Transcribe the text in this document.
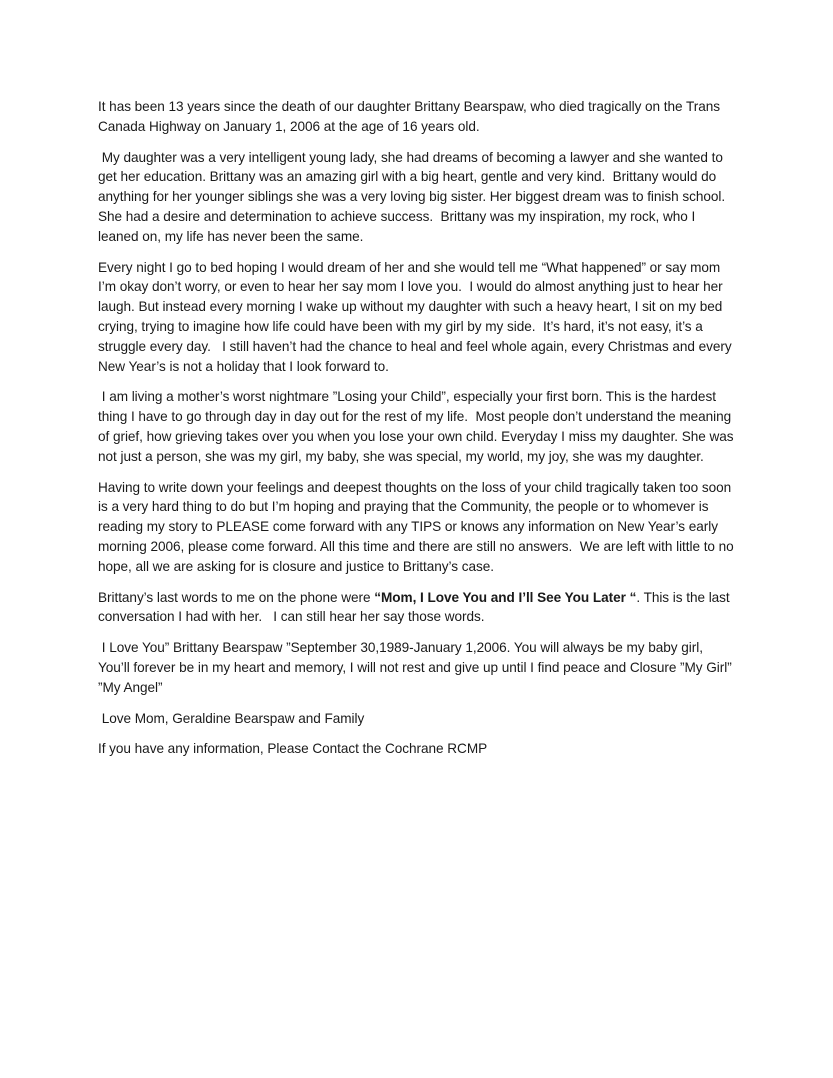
It has been 13 years since the death of our daughter Brittany Bearspaw, who died tragically on the Trans Canada Highway on January 1, 2006 at the age of 16 years old.

My daughter was a very intelligent young lady, she had dreams of becoming a lawyer and she wanted to get her education. Brittany was an amazing girl with a big heart, gentle and very kind.  Brittany would do anything for her younger siblings she was a very loving big sister. Her biggest dream was to finish school.  She had a desire and determination to achieve success.  Brittany was my inspiration, my rock, who I leaned on, my life has never been the same.

Every night I go to bed hoping I would dream of her and she would tell me “What happened” or say mom I’m okay don’t worry, or even to hear her say mom I love you.  I would do almost anything just to hear her laugh. But instead every morning I wake up without my daughter with such a heavy heart, I sit on my bed crying, trying to imagine how life could have been with my girl by my side.  It’s hard, it’s not easy, it’s a struggle every day.   I still haven’t had the chance to heal and feel whole again, every Christmas and every New Year’s is not a holiday that I look forward to.

I am living a mother’s worst nightmare ”Losing your Child”, especially your first born. This is the hardest thing I have to go through day in day out for the rest of my life.  Most people don’t understand the meaning of grief, how grieving takes over you when you lose your own child. Everyday I miss my daughter. She was not just a person, she was my girl, my baby, she was special, my world, my joy, she was my daughter.

Having to write down your feelings and deepest thoughts on the loss of your child tragically taken too soon is a very hard thing to do but I’m hoping and praying that the Community, the people or to whomever is reading my story to PLEASE come forward with any TIPS or knows any information on New Year’s early morning 2006, please come forward. All this time and there are still no answers.  We are left with little to no hope, all we are asking for is closure and justice to Brittany’s case.

Brittany’s last words to me on the phone were “Mom, I Love You and I’ll See You Later “. This is the last conversation I had with her.   I can still hear her say those words.

I Love You” Brittany Bearspaw ”September 30,1989-January 1,2006. You will always be my baby girl, You’ll forever be in my heart and memory, I will not rest and give up until I find peace and Closure ”My Girl” ”My Angel”

Love Mom, Geraldine Bearspaw and Family

If you have any information, Please Contact the Cochrane RCMP
